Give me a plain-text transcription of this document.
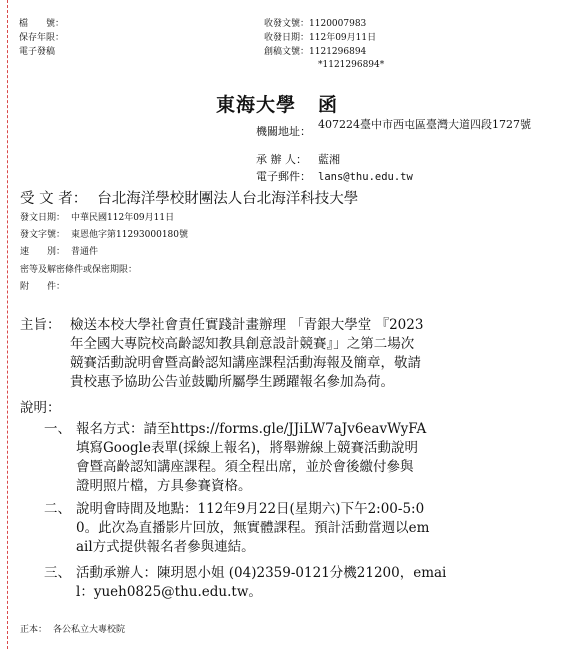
檔　　號：
保存年限：
電子發稿
收發文號：1120007983
收發日期：112年09月11日
創稿文號：1121296894
*1121296894*
東海大學 函
機關地址：
407224臺中市西屯區臺灣大道四段1727號
承 辦 人： 藍湘
電子郵件： lans@thu.edu.tw
受 文 者： 台北海洋學校財團法人台北海洋科技大學
發文日期： 中華民國112年09月11日
發文字號： 東恩他字第11293000180號
速　　別： 普通件
密等及解密條件或保密期限：
附　　件：
主旨： 檢送本校大學社會責任實踐計畫辦理 「青銀大學堂 『2023
年全國大專院校高齡認知教具創意設計競賽』」之第二場次
競賽活動說明會暨高齡認知講座課程活動海報及簡章，敬請
貴校惠予協助公告並鼓勵所屬學生踴躍報名參加為荷。
說明：
一、 報名方式：請至https://forms.gle/JJiLW7aJv6eavWyFA
填寫Google表單(採線上報名)，將舉辦線上競賽活動說明
會暨高齡認知講座課程。須全程出席，並於會後繳付參與
證明照片檔，方具參賽資格。
二、 說明會時間及地點：112年9月22日(星期六)下午2:00-5:0
0。此次為直播影片回放，無實體課程。預計活動當週以em
ail方式提供報名者參與連結。
三、 活動承辦人：陳玥恩小姐 (04)2359-0121分機21200，emai
l：yueh0825@thu.edu.tw。
正本： 各公私立大專校院
